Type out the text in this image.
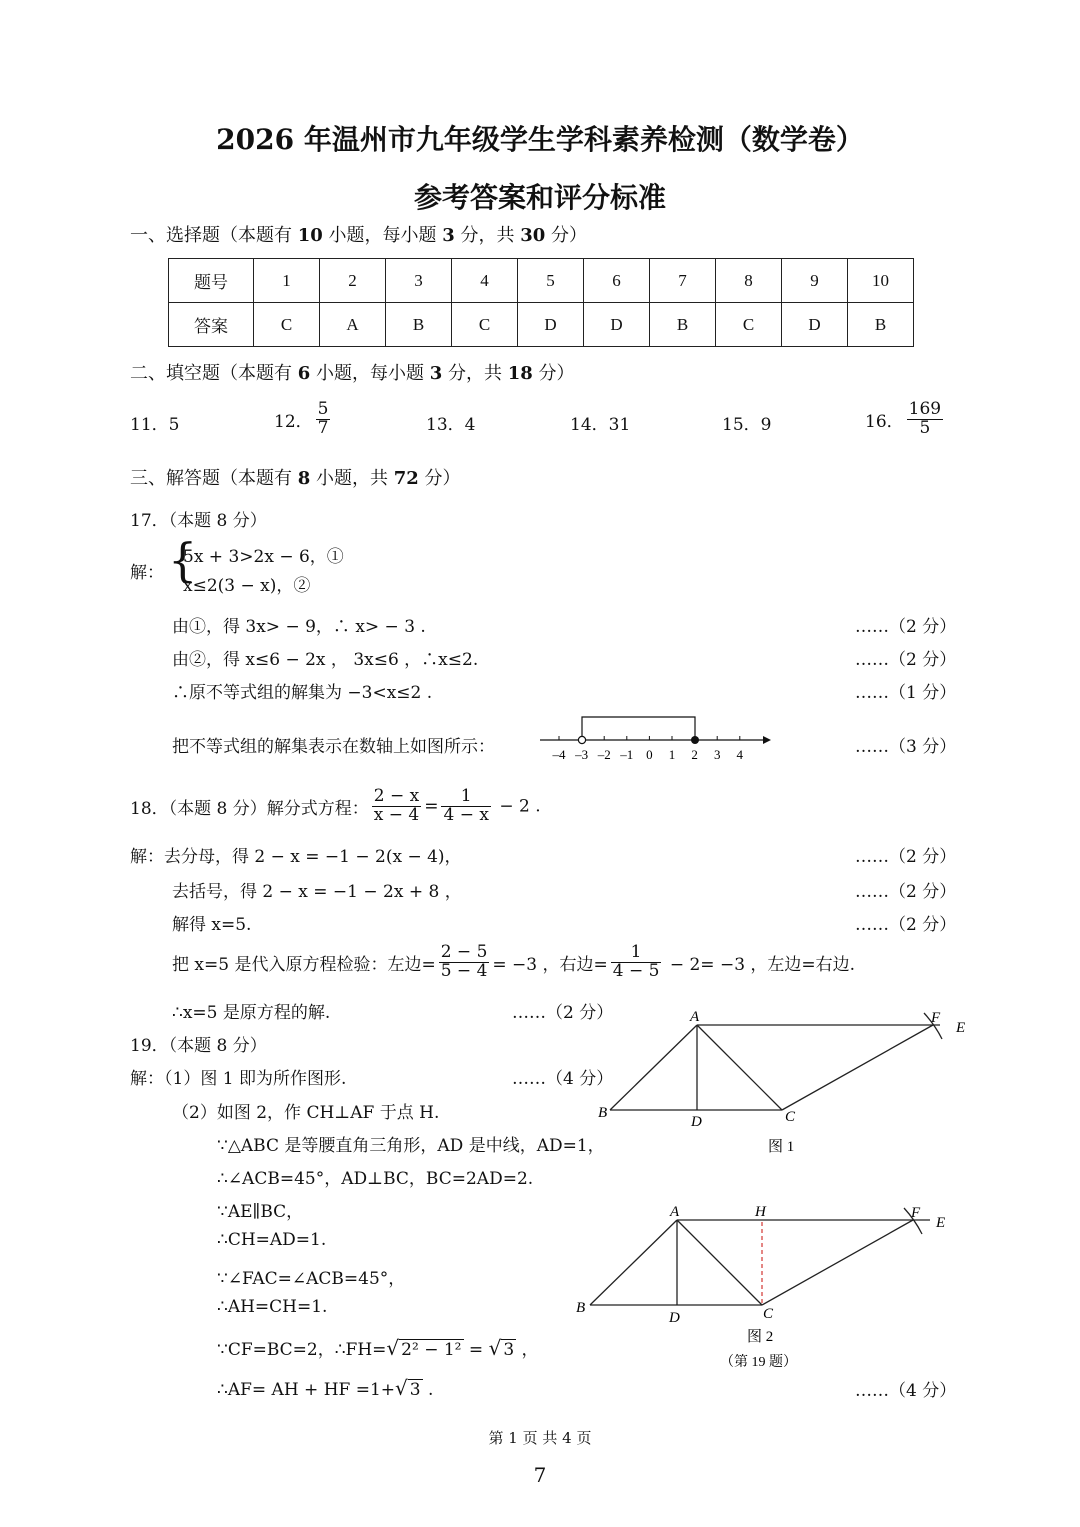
2026 年温州市九年级学生学科素养检测（数学卷）
参考答案和评分标准
一、选择题（本题有 10 小题，每小题 3 分，共 30 分）
题号	1	2	3	4	5	6	7	8	9	10
答案	C	A	B	C	D	D	B	C	D	B
二、填空题（本题有 6 小题，每小题 3 分，共 18 分）
11．5	12． $\frac{5}{7}$	13．4	14．31	15．9	16． $\frac{169}{5}$
三、解答题（本题有 8 小题，共 72 分）
17．（本题 8 分）
解： {
5x + 3>2x − 6，①
x≤2(3 − x)，②
由①，得 3x> − 9，∴ x> − 3 .	……（2 分）
由②，得 x≤6 − 2x ， 3x≤6 ，∴x≤2.	……（2 分）
∴原不等式组的解集为 −3<x≤2 .	……（1 分）
把不等式组的解集表示在数轴上如图所示：	……（3 分）
–4 –3 –2 –1 0 1 2 3 4
18．（本题 8 分）解分式方程： $\frac{2 - x}{x - 4} = \frac{1}{4 - x} - 2$ .
解：去分母，得 2 − x = −1 − 2(x − 4)，	……（2 分）
去括号，得 2 − x = −1 − 2x + 8 ，	……（2 分）
解得 x=5.	……（2 分）
把 x=5 是代入原方程检验：左边= $\frac{2 - 5}{5 - 4} = -3$ ，右边= $\frac{1}{4 - 5} - 2= -3$ ，左边=右边.
∴x=5 是原方程的解.	……（2 分）
19．（本题 8 分）
解：（1）图 1 即为所作图形.	……（4 分）
（2）如图 2，作 CH⊥AF 于点 H.
∵△ABC 是等腰直角三角形，AD 是中线，AD=1，
∴∠ACB=45°，AD⊥BC，BC=2AD=2.
∵AE∥BC，
∴CH=AD=1.
∵∠FAC=∠ACB=45°，
∴AH=CH=1.
∵CF=BC=2，∴FH=√ 2² − 1² = √ 3 ，
∴AF= AH + HF =1+√ 3 .	……（4 分）
A
B	C
D
F
E
图 1
A	H
B	C
D
F
E
图 2
（第 19 题）
第 1 页 共 4 页
7
